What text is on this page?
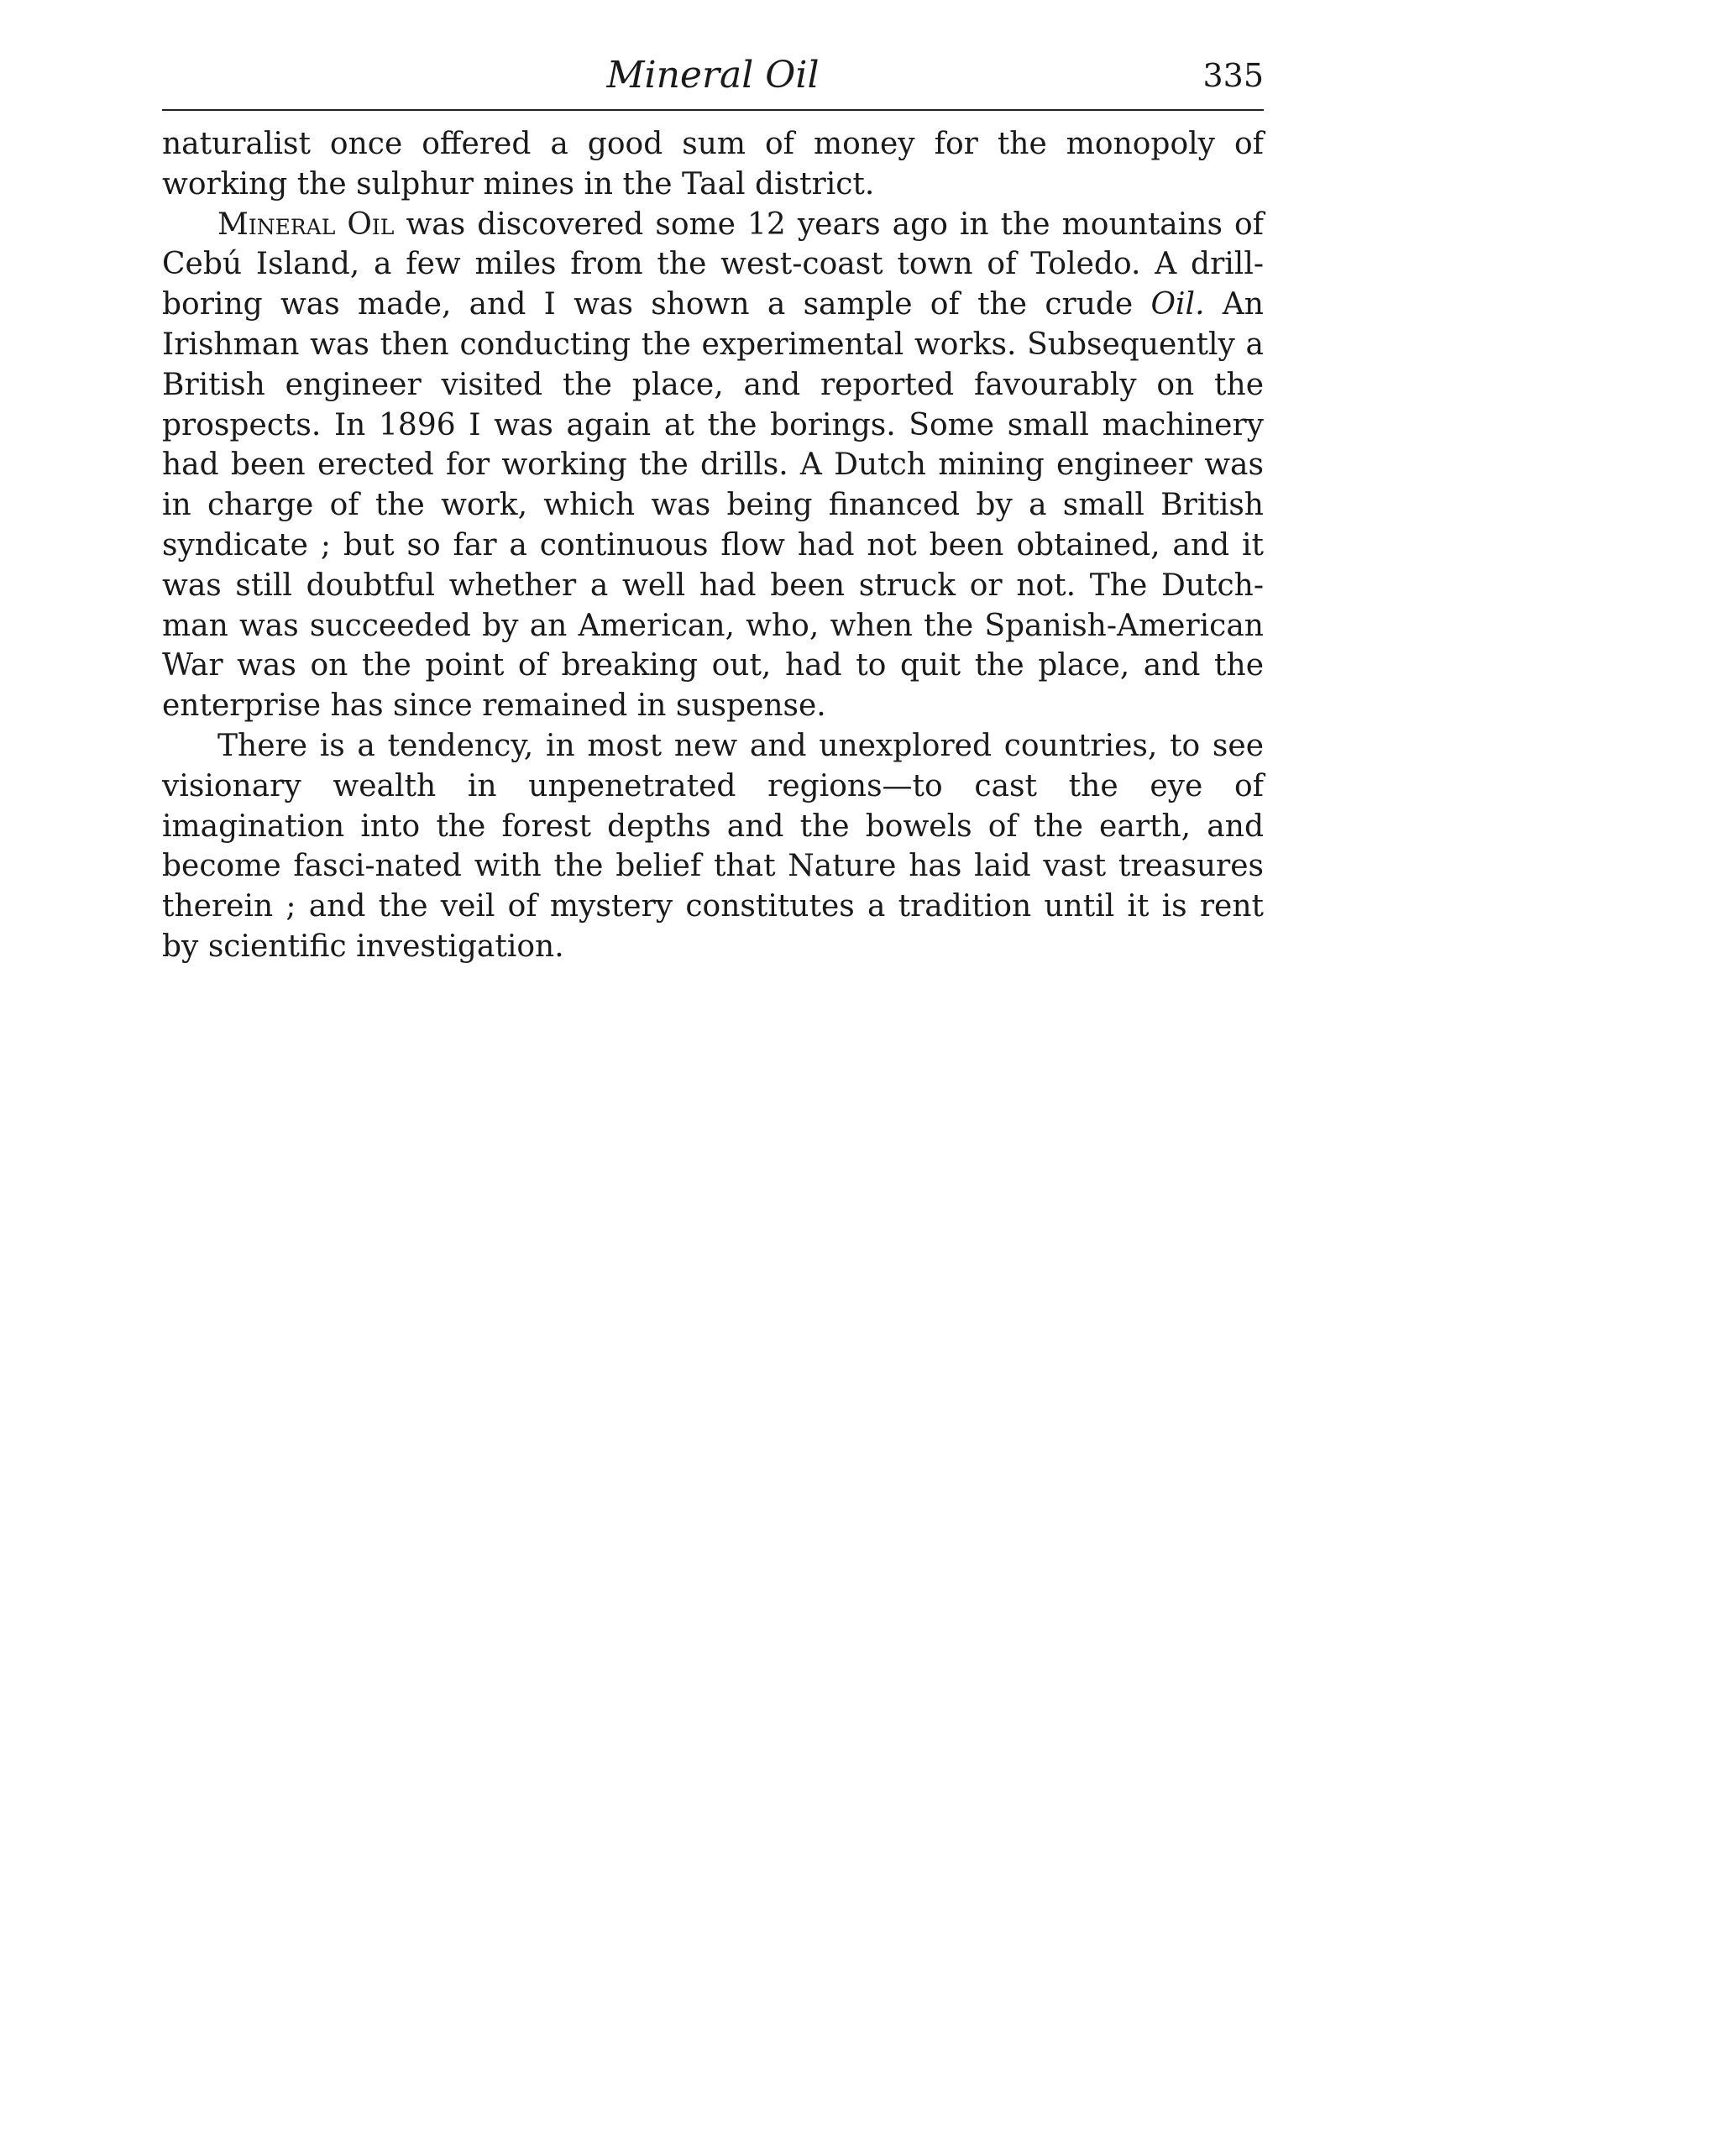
Mineral Oil	335

naturalist once offered a good sum of money for the monopoly of working the sulphur mines in the Taal district.

Mineral Oil was discovered some 12 years ago in the mountains of Cebú Island, a few miles from the west-coast town of Toledo. A drill-boring was made, and I was shown a sample of the crude Oil. An Irishman was then conducting the experimental works. Subsequently a British engineer visited the place, and reported favourably on the prospects. In 1896 I was again at the borings. Some small machinery had been erected for working the drills. A Dutch mining engineer was in charge of the work, which was being financed by a small British syndicate ; but so far a continuous flow had not been obtained, and it was still doubtful whether a well had been struck or not. The Dutch-man was succeeded by an American, who, when the Spanish-American War was on the point of breaking out, had to quit the place, and the enterprise has since remained in suspense.

There is a tendency, in most new and unexplored countries, to see visionary wealth in unpenetrated regions—to cast the eye of imagination into the forest depths and the bowels of the earth, and become fasci-nated with the belief that Nature has laid vast treasures therein ; and the veil of mystery constitutes a tradition until it is rent by scientific investigation.
